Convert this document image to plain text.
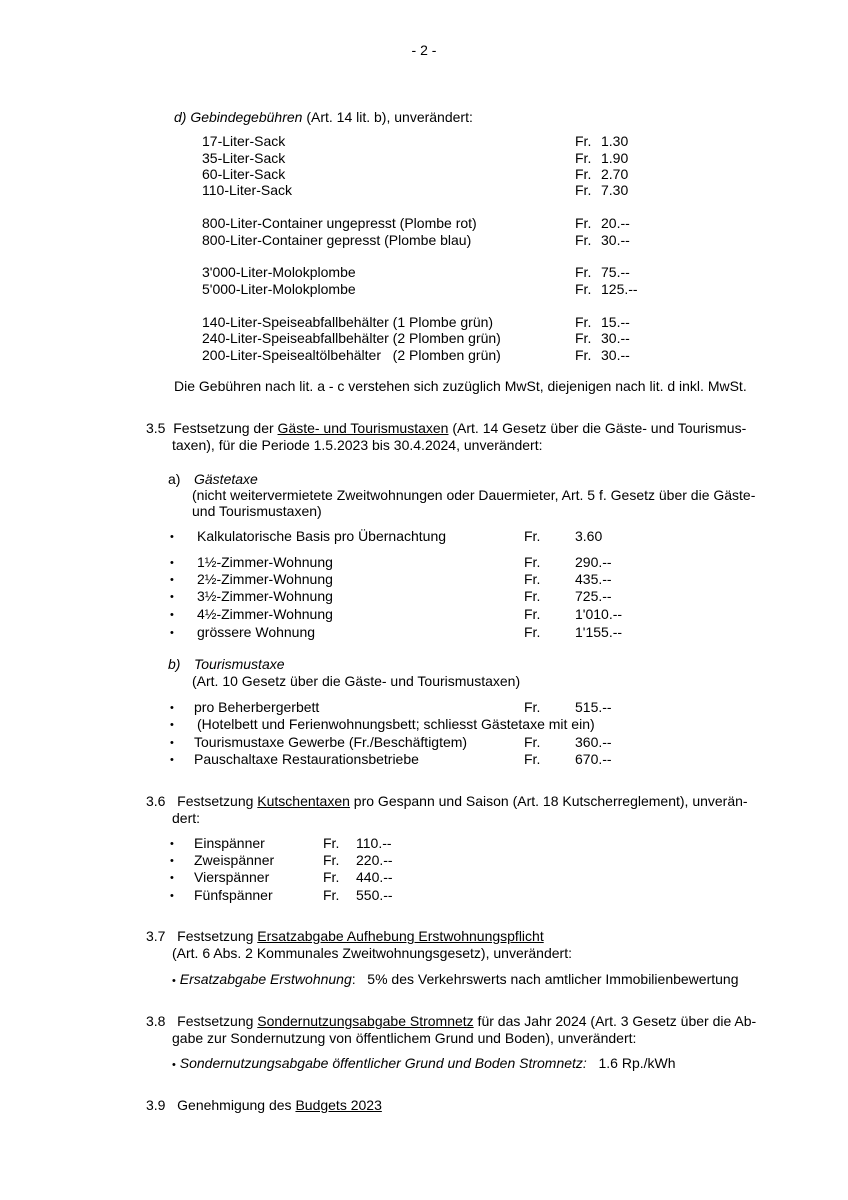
- 2 -
d) Gebindegebühren (Art. 14 lit. b), unverändert:
17-Liter-Sack	Fr. 1.30
35-Liter-Sack	Fr. 1.90
60-Liter-Sack	Fr. 2.70
110-Liter-Sack	Fr. 7.30
800-Liter-Container ungepresst (Plombe rot)	Fr. 20.--
800-Liter-Container gepresst (Plombe blau)	Fr. 30.--
3'000-Liter-Molokplombe	Fr. 75.--
5'000-Liter-Molokplombe	Fr. 125.--
140-Liter-Speiseabfallbehälter (1 Plombe grün)	Fr. 15.--
240-Liter-Speiseabfallbehälter (2 Plomben grün)	Fr. 30.--
200-Liter-Speisealtölbehälter   (2 Plomben grün)	Fr. 30.--
Die Gebühren nach lit. a - c verstehen sich zuzüglich MwSt, diejenigen nach lit. d inkl. MwSt.
3.5 Festsetzung der Gäste- und Tourismustaxen (Art. 14 Gesetz über die Gäste- und Tourismus-
taxen), für die Periode 1.5.2023 bis 30.4.2024, unverändert:
a) Gästetaxe
(nicht weitervermietete Zweitwohnungen oder Dauermieter, Art. 5 f. Gesetz über die Gäste-
und Tourismustaxen)
• Kalkulatorische Basis pro Übernachtung	Fr. 3.60
• 1½-Zimmer-Wohnung	Fr. 290.--
• 2½-Zimmer-Wohnung	Fr. 435.--
• 3½-Zimmer-Wohnung	Fr. 725.--
• 4½-Zimmer-Wohnung	Fr. 1'010.--
• grössere Wohnung	Fr. 1'155.--
b) Tourismustaxe
(Art. 10 Gesetz über die Gäste- und Tourismustaxen)
• pro Beherbergerbett	Fr. 515.--
• (Hotelbett und Ferienwohnungsbett; schliesst Gästetaxe mit ein)
• Tourismustaxe Gewerbe (Fr./Beschäftigtem)	Fr. 360.--
• Pauschaltaxe Restaurationsbetriebe	Fr. 670.--
3.6 Festsetzung Kutschentaxen pro Gespann und Saison (Art. 18 Kutscherreglement), unverän-
dert:
• Einspänner	Fr. 110.--
• Zweispänner	Fr. 220.--
• Vierspänner	Fr. 440.--
• Fünfspänner	Fr. 550.--
3.7 Festsetzung Ersatzabgabe Aufhebung Erstwohnungspflicht
(Art. 6 Abs. 2 Kommunales Zweitwohnungsgesetz), unverändert:
• Ersatzabgabe Erstwohnung:   5% des Verkehrswerts nach amtlicher Immobilienbewertung
3.8 Festsetzung Sondernutzungsabgabe Stromnetz für das Jahr 2024 (Art. 3 Gesetz über die Ab-
gabe zur Sondernutzung von öffentlichem Grund und Boden), unverändert:
• Sondernutzungsabgabe öffentlicher Grund und Boden Stromnetz: 1.6 Rp./kWh
3.9 Genehmigung des Budgets 2023
